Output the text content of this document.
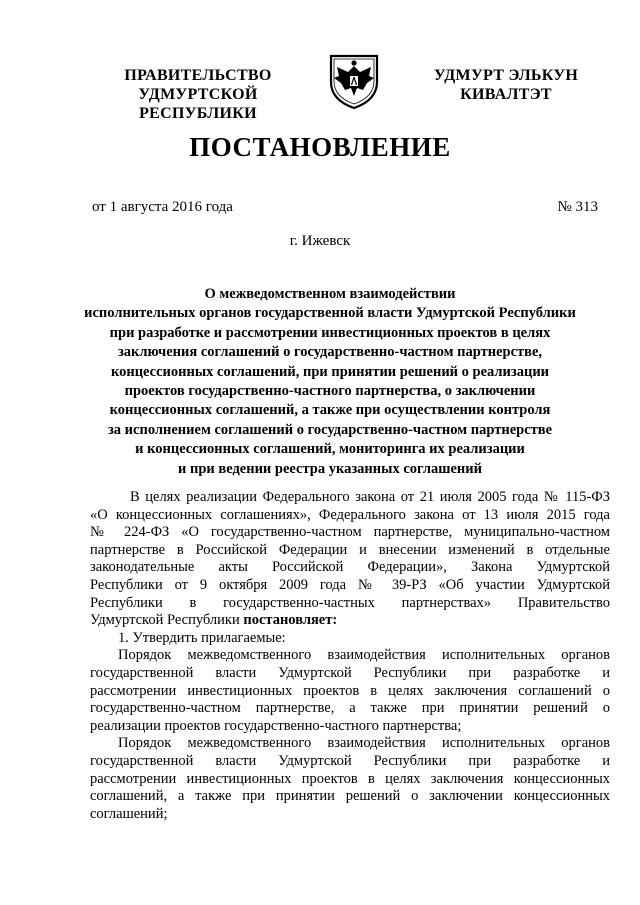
ПРАВИТЕЛЬСТВО
УДМУРТСКОЙ РЕСПУБЛИКИ
УДМУРТ ЭЛЬКУН
КИВАЛТЭТ
ПОСТАНОВЛЕНИЕ
от 1 августа 2016 года	№ 313
г. Ижевск
О межведомственном взаимодействии
исполнительных органов государственной власти Удмуртской Республики
при разработке и рассмотрении инвестиционных проектов в целях
заключения соглашений о государственно-частном партнерстве,
концессионных соглашений, при принятии решений о реализации
проектов государственно-частного партнерства, о заключении
концессионных соглашений, а также при осуществлении контроля
за исполнением соглашений о государственно-частном партнерстве
и концессионных соглашений, мониторинга их реализации
и при ведении реестра указанных соглашений
В целях реализации Федерального закона от 21 июля 2005 года № 115-ФЗ
«О концессионных соглашениях», Федерального закона от 13 июля 2015 года
№ 224-ФЗ «О государственно-частном партнерстве, муниципально-частном
партнерстве в Российской Федерации и внесении изменений в отдельные
законодательные акты Российской Федерации», Закона Удмуртской
Республики от 9 октября 2009 года № 39-РЗ «Об участии Удмуртской
Республики в государственно-частных партнерствах» Правительство
Удмуртской Республики постановляет:
1. Утвердить прилагаемые:
Порядок межведомственного взаимодействия исполнительных органов
государственной власти Удмуртской Республики при разработке и
рассмотрении инвестиционных проектов в целях заключения соглашений о
государственно-частном партнерстве, а также при принятии решений о
реализации проектов государственно-частного партнерства;
Порядок межведомственного взаимодействия исполнительных органов
государственной власти Удмуртской Республики при разработке и
рассмотрении инвестиционных проектов в целях заключения концессионных
соглашений, а также при принятии решений о заключении концессионных
соглашений;
